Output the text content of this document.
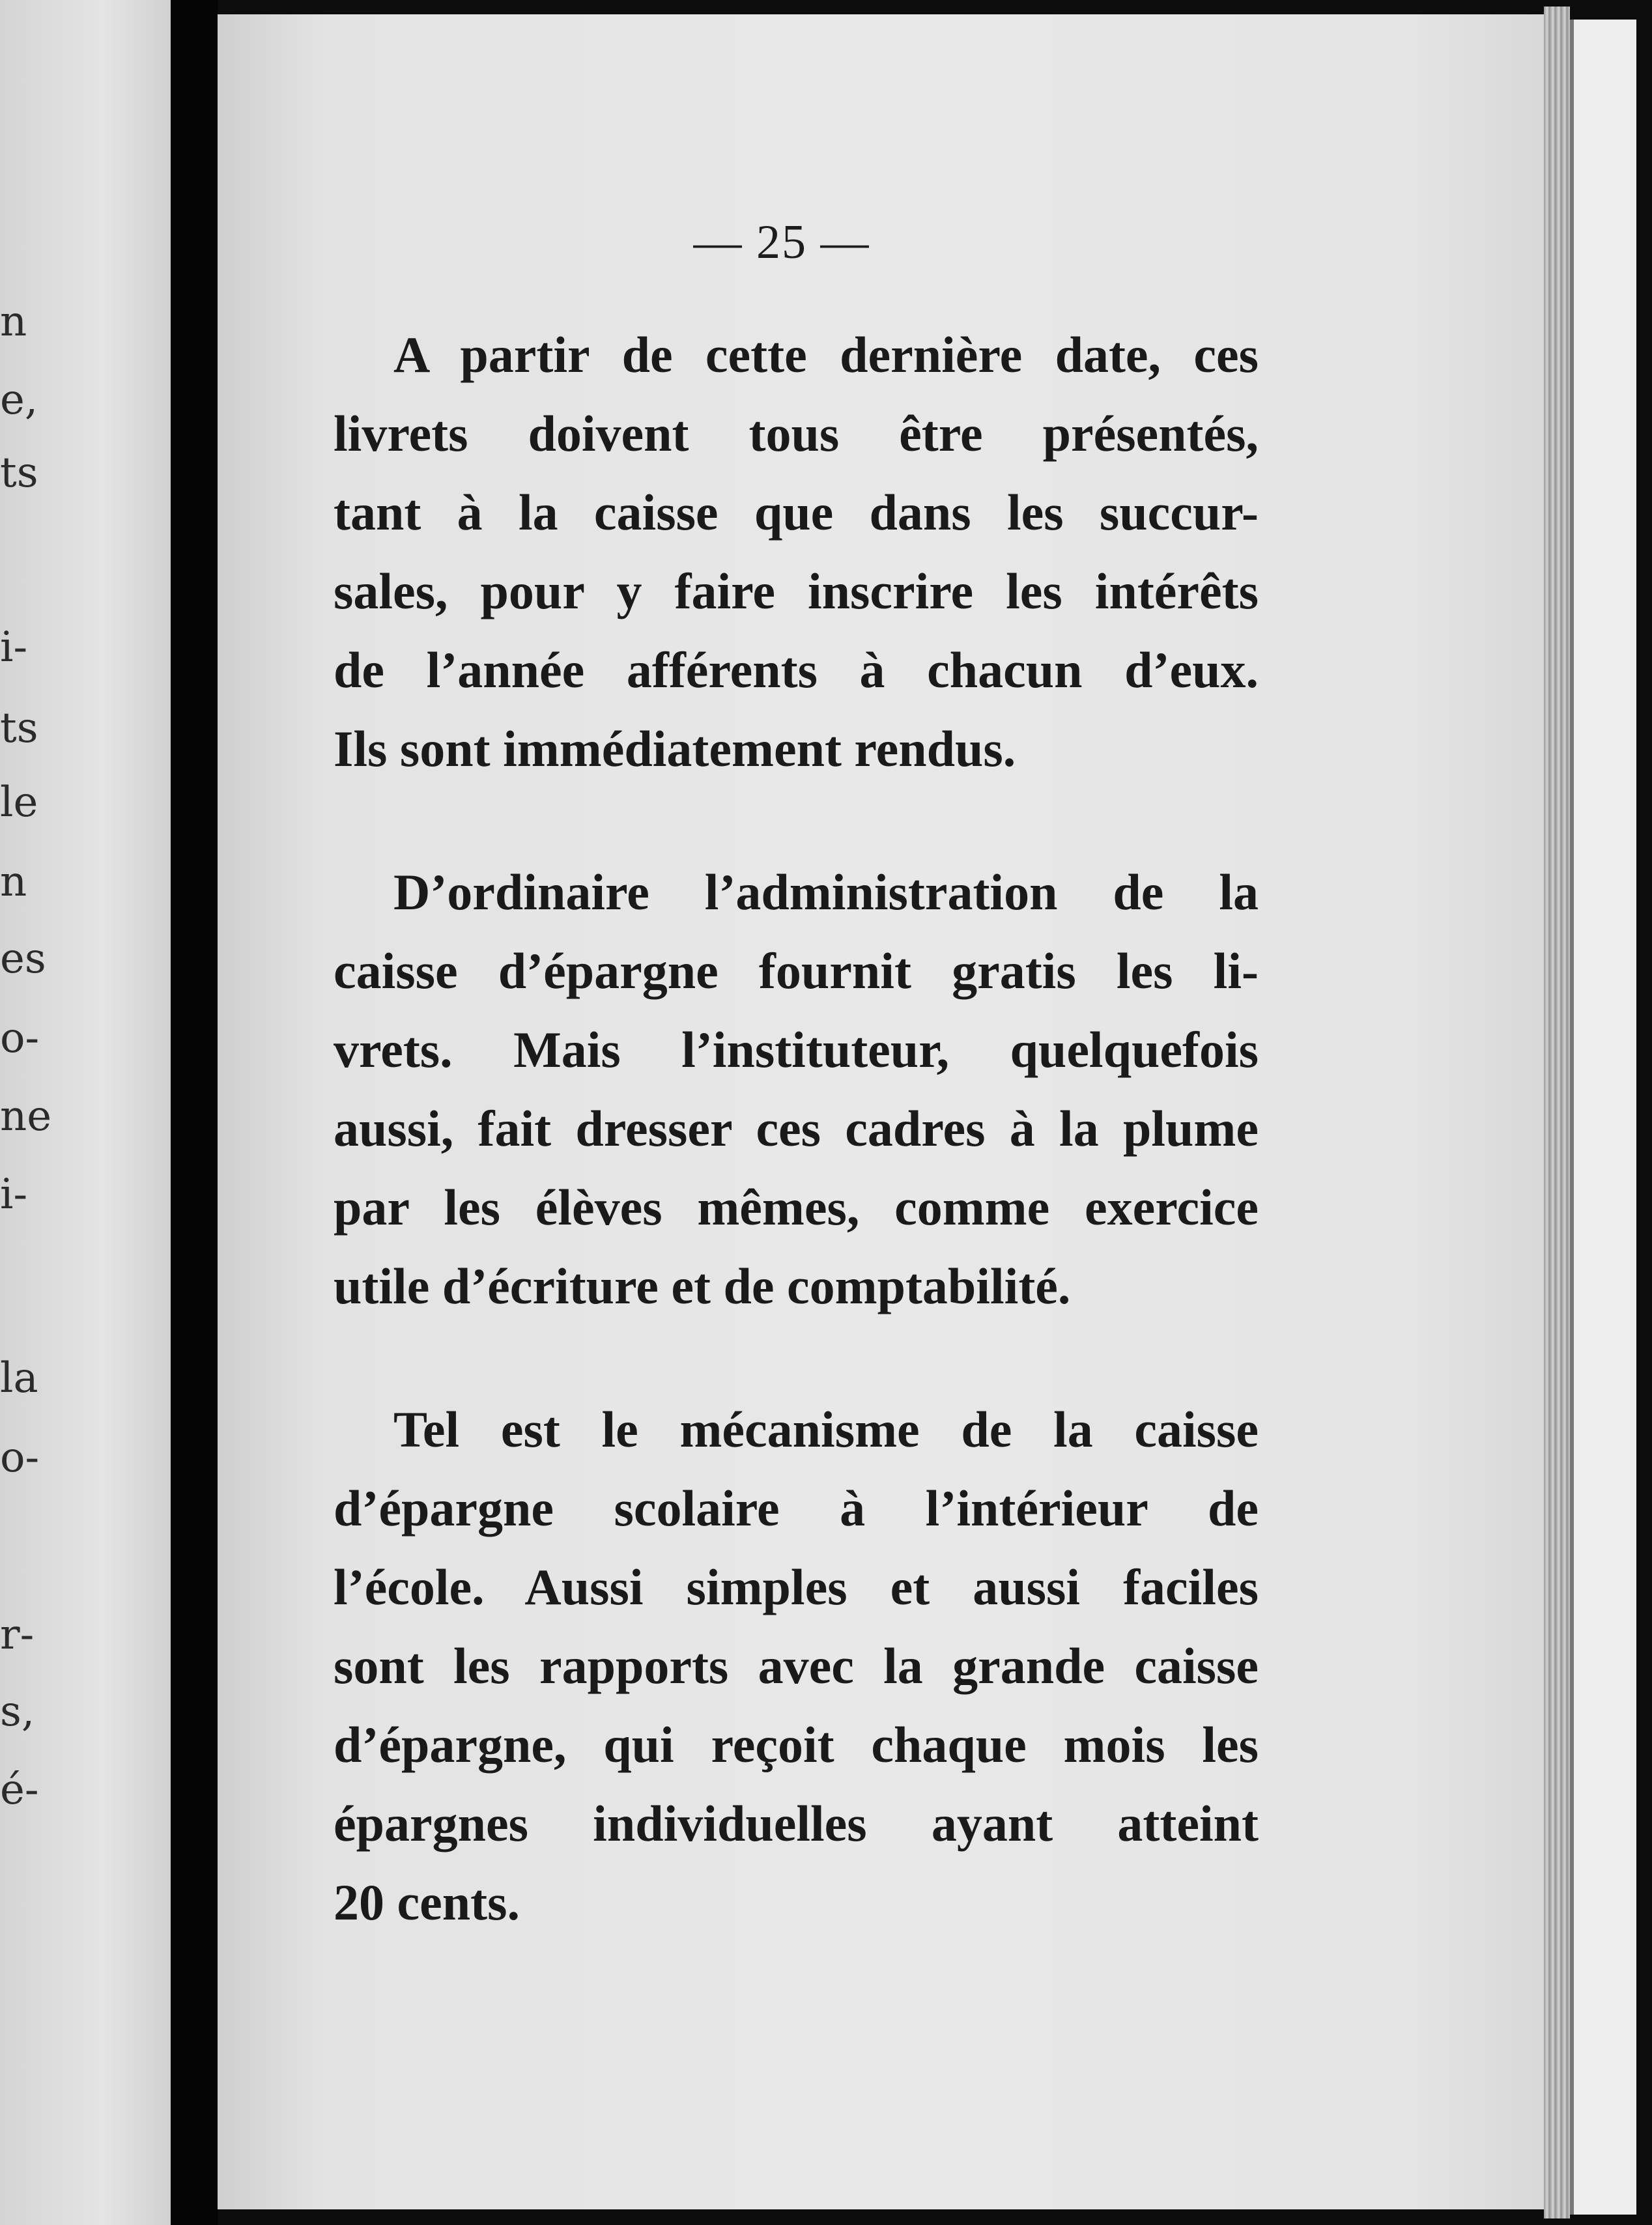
n
e,
ts
i-
ts
le
n
es
o-
ne
i-
la
o-
r-
s,
é-
— 25 —
A partir de cette dernière date, ces
livrets doivent tous être présentés,
tant à la caisse que dans les succur-
sales, pour y faire inscrire les intérêts
de l’année afférents à chacun d’eux.
Ils sont immédiatement rendus.
D’ordinaire l’administration de la
caisse d’épargne fournit gratis les li-
vrets. Mais l’instituteur, quelquefois
aussi, fait dresser ces cadres à la plume
par les élèves mêmes, comme exercice
utile d’écriture et de comptabilité.
Tel est le mécanisme de la caisse
d’épargne scolaire à l’intérieur de
l’école. Aussi simples et aussi faciles
sont les rapports avec la grande caisse
d’épargne, qui reçoit chaque mois les
épargnes individuelles ayant atteint
20 cents.
